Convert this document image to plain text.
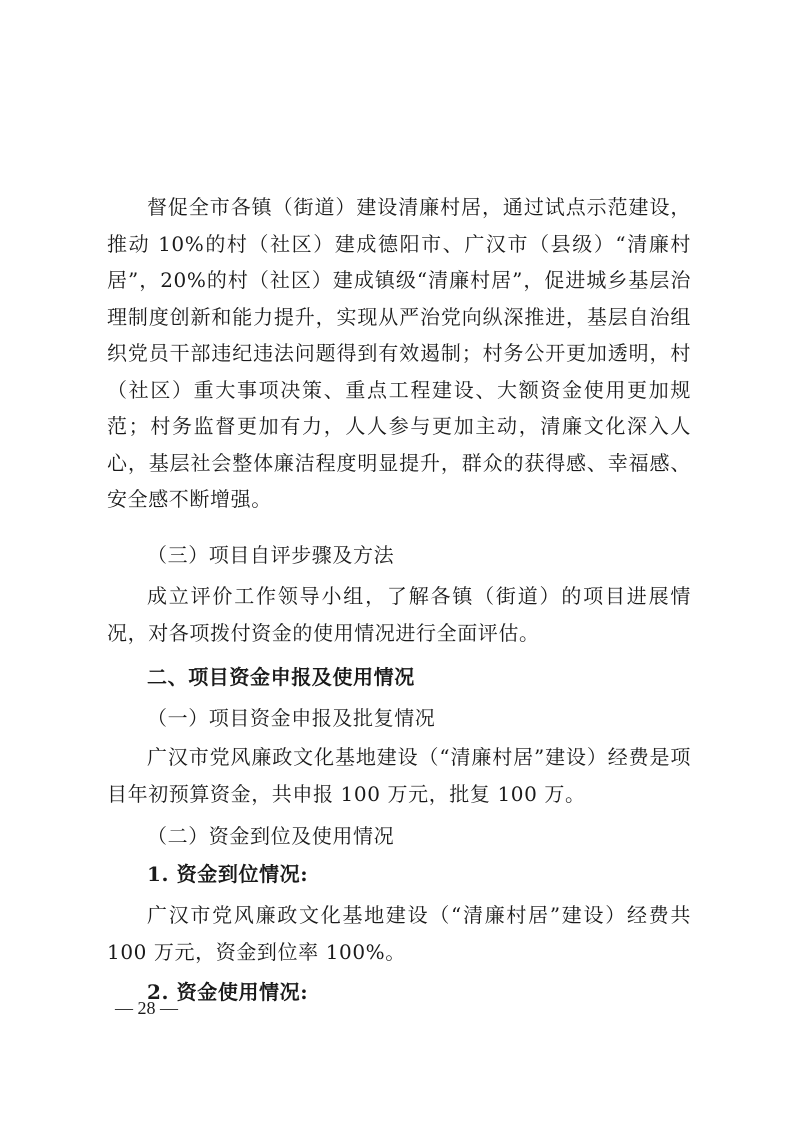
督促全市各镇（街道）建设清廉村居，通过试点示范建设，推动 10%的村（社区）建成德阳市、广汉市（县级）“清廉村居”，20%的村（社区）建成镇级“清廉村居”，促进城乡基层治理制度创新和能力提升，实现从严治党向纵深推进，基层自治组织党员干部违纪违法问题得到有效遏制；村务公开更加透明，村（社区）重大事项决策、重点工程建设、大额资金使用更加规范；村务监督更加有力，人人参与更加主动，清廉文化深入人心，基层社会整体廉洁程度明显提升，群众的获得感、幸福感、安全感不断增强。

（三）项目自评步骤及方法

成立评价工作领导小组，了解各镇（街道）的项目进展情况，对各项拨付资金的使用情况进行全面评估。

二、项目资金申报及使用情况

（一）项目资金申报及批复情况

广汉市党风廉政文化基地建设（“清廉村居”建设）经费是项目年初预算资金，共申报 100 万元，批复 100 万。

（二）资金到位及使用情况

1. 资金到位情况:

广汉市党风廉政文化基地建设（“清廉村居”建设）经费共 100 万元，资金到位率 100%。

2. 资金使用情况:

— 28 —
